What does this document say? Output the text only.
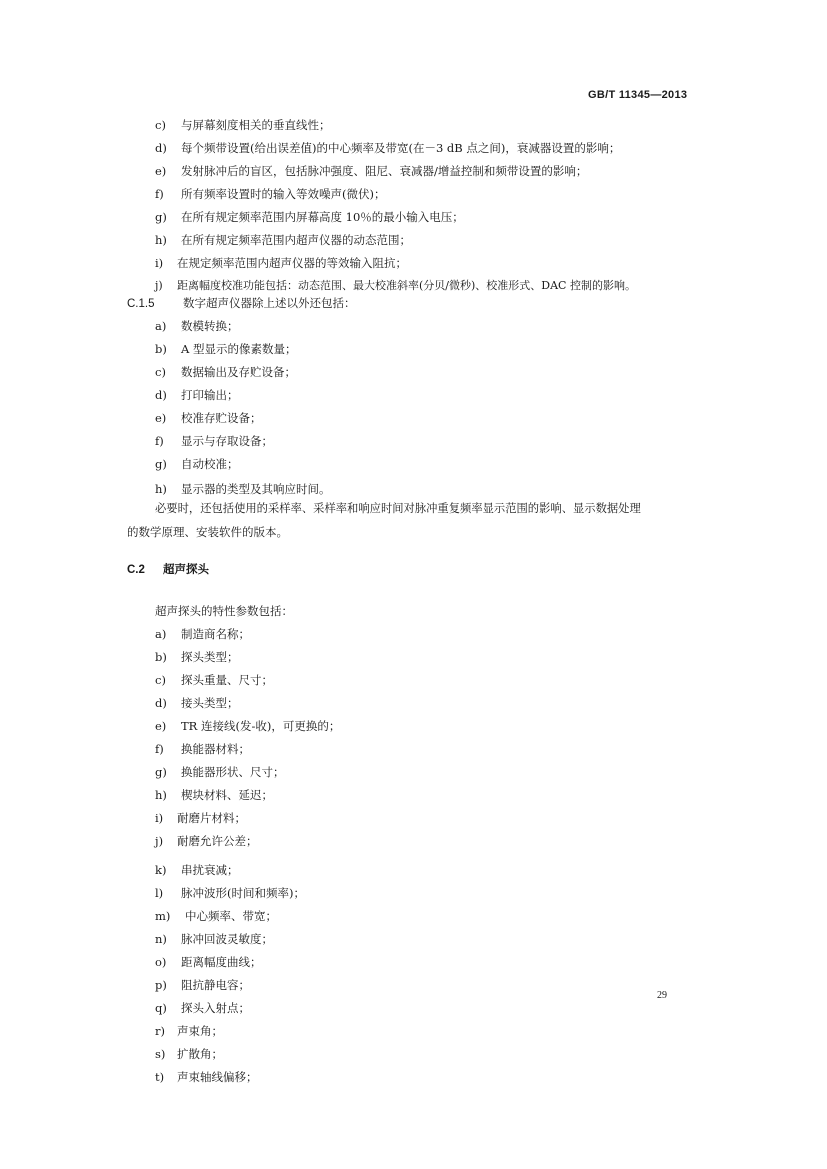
GB/T 11345—2013
c) 与屏幕刻度相关的垂直线性；
d) 每个频带设置(给出误差值)的中心频率及带宽(在－3 dB 点之间)，衰减器设置的影响；
e) 发射脉冲后的盲区，包括脉冲强度、阻尼、衰减器/增益控制和频带设置的影响；
f) 所有频率设置时的输入等效噪声(微伏)；
g) 在所有规定频率范围内屏幕高度 10％的最小输入电压；
h) 在所有规定频率范围内超声仪器的动态范围；
i) 在规定频率范围内超声仪器的等效输入阻抗；
j) 距离幅度校准功能包括：动态范围、最大校准斜率(分贝/微秒)、校准形式、DAC 控制的影响。
C.1.5 数字超声仪器除上述以外还包括：
a) 数模转换；
b) A 型显示的像素数量；
c) 数据输出及存贮设备；
d) 打印输出；
e) 校准存贮设备；
f) 显示与存取设备；
g) 自动校准；
h) 显示器的类型及其响应时间。
必要时，还包括使用的采样率、采样率和响应时间对脉冲重复频率显示范围的影响、显示数据处理
的数学原理、安装软件的版本。
C.2 超声探头
超声探头的特性参数包括：
a) 制造商名称；
b) 探头类型；
c) 探头重量、尺寸；
d) 接头类型；
e) TR 连接线(发-收)，可更换的；
f) 换能器材料；
g) 换能器形状、尺寸；
h) 楔块材料、延迟；
i) 耐磨片材料；
j) 耐磨允许公差；
k) 串扰衰减；
l) 脉冲波形(时间和频率)；
m) 中心频率、带宽；
n) 脉冲回波灵敏度；
o) 距离幅度曲线；
p) 阻抗静电容；
q) 探头入射点；
r) 声束角；
s) 扩散角；
t) 声束轴线偏移；
29
